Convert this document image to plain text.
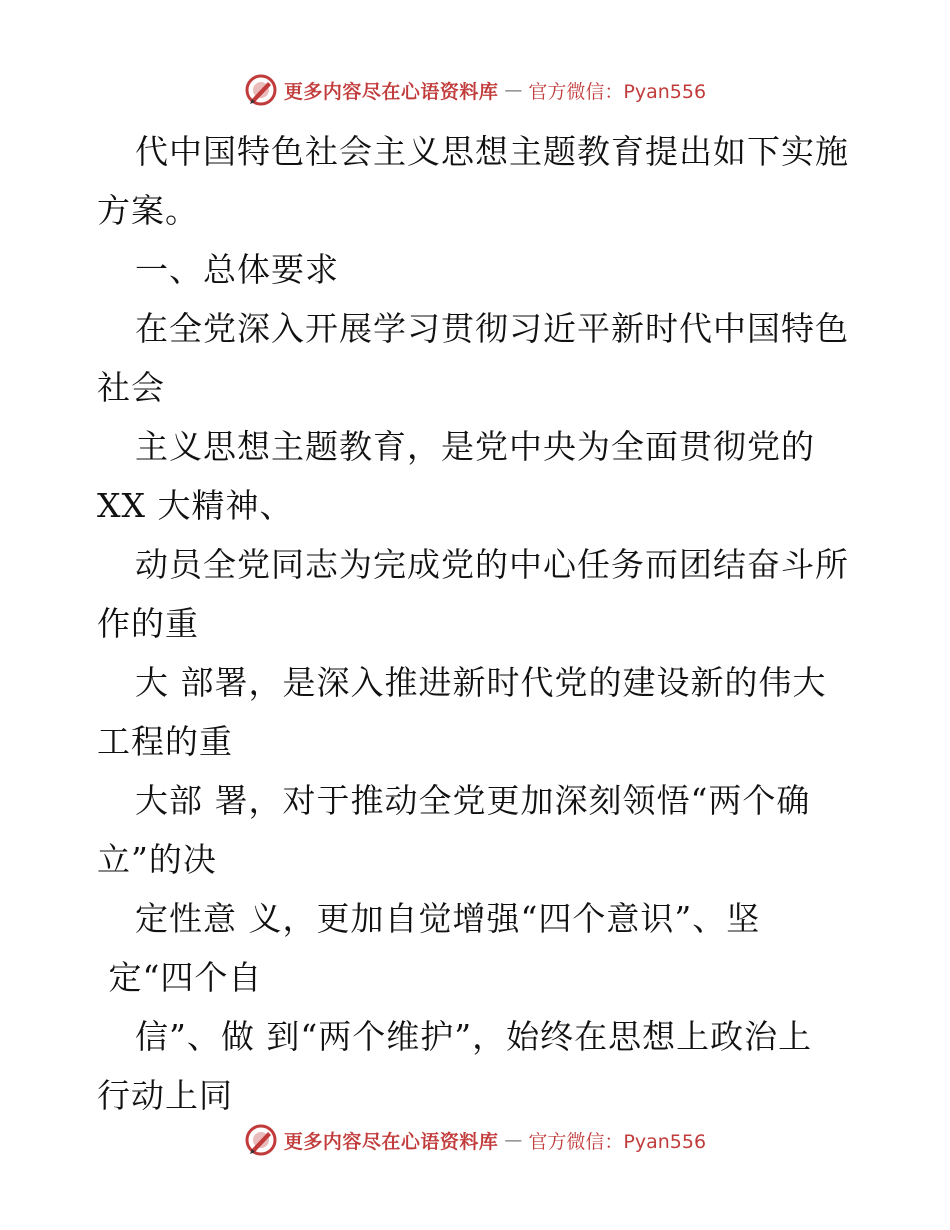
更多内容尽在心语资料库 — 官方微信：Pyan556
代中国特色社会主义思想主题教育提出如下实施
方案。
一、总体要求
在全党深入开展学习贯彻习近平新时代中国特色
社会
主义思想主题教育，是党中央为全面贯彻党的
XX 大精神、
动员全党同志为完成党的中心任务而团结奋斗所
作的重
大 部署，是深入推进新时代党的建设新的伟大
工程的重
大部 署，对于推动全党更加深刻领悟“两个确
立”的决
定性意 义，更加自觉增强“四个意识”、坚
定“四个自
信”、做 到“两个维护”，始终在思想上政治上
行动上同
更多内容尽在心语资料库 — 官方微信：Pyan556
